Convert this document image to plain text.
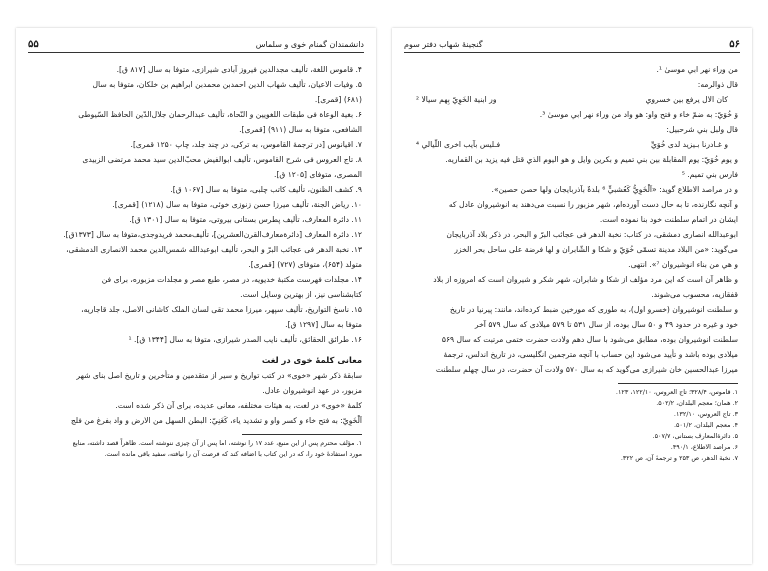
دانشمندان گمنام خوی و سلماس
۵۵

۴. قاموس اللغة، تألیف مجدالدین فیروز آبادی شیرازی، متوفا به سال [۸۱۷ ق].

۵. وفیات الاعیان، تألیف شهاب الدین احمدبن محمدبن ابراهیم بن خلکان، متوفا به سال

(۶۸۱) [قمری].

۶. بغیة الوعاة فی طبقات اللغویین و النّحاة، تألیف عبدالرحمان جلال‌الدّین الحافظ السّیوطی

الشافعی، متوفا به سال (۹۱۱) [قمری].

۷. اقیانوس [در ترجمهٔ القاموس، به ترکی، در چند جلد، چاپ ۱۲۵۰ قمری].

۸. تاج العروس فی شرح القاموس، تألیف ابوالفیض محبّ‌الدین سید محمد مرتضی الزبیدی

المصری، متوفای [۱۲۰۵ ق].

۹. کشف الظنون، تألیف کاتب چلبی، متوفا به سال [۱۰۶۷ ق].

۱۰. ریاض الجنة، تألیف میرزا حسن زنوزی خوئی، متوفا به سال (۱۲۱۸) [قمری].

۱۱. دائرة المعارف، تألیف پطرس بستانی بیروتی، متوفا به سال [۱۳۰۱ ق].

۱۲. دائرة المعارف [دائرة‌معارف‌القرن‌العشرین]، تألیف‌محمد فریدوجدی،متوفا به سال [۱۳۷۳ق].

۱۳. نخبة الدهر فی عجائب البرّ و البحر، تألیف ابوعبدالله شمس‌الدین محمد الانصاری الدمشقی،

متولد (۶۵۴)، متوفای (۷۲۷) [قمری].

۱۴. مجلدات فهرست مکتبهٔ خدیویه، در مصر، طبع مصر و مجلدات مزبوره، برای فن

کتابشناسی نیز، از بهترین وسایل است.

۱۵. ناسخ التواریخ، تألیف سپهر، میرزا محمد تقی لسان الملک کاشانی الاصل، جلد قاجاریه،

متوفا به سال [۱۲۹۷ ق].

۱۶. طرائق الحقائق، تألیف نایب الصدر شیرازی، متوفا به سال [۱۳۴۴ ق]. ¹

معانی کلمهٔ خوی در لغت

سابقهٔ ذکر شهر «خوی» در کتب تواریخ و سیر از متقدمین و متأخرین و تاریخ اصل بنای شهر

مزبور، در عهد انوشیروان عادل.

کلمهٔ «خوی» در لغت، به هیئات مختلفه، معانی عدیده، برای آن ذکر شده است.

اَلْخَوِيّ: به فتح خاء و کسر واو و تشدید یاء، کَغَنِيّ: البطن السهل من الارض و واد بفرغ من فلج

۱. مؤلف محترم پس از این منبع، عدد ۱۷ را نوشته، اما پس از آن چیزی ننوشته است. ظاهراً قصد داشته، منابع

مورد استفادهٔ خود را، که در این کتاب با اضافه کند که فرصت آن را نیافته، سفید باقی مانده است.

۵۶
گنجینهٔ شهاب دفتر سوم

من وراء نهر ابي موسىٰ ¹.

قال ذوالرمه:

کان الال يرفع بين خسروي
ور ابنية الخَوِيّ بِهم سيالا ²

وَ خُوَيّ: به ضمّ خاء و فتح واو: هو واد من وراء نهر ابي موسىٰ ³.

قال ولبل بني شرحبيل:

و غـادرنا بـيزيد لدى خُوَيِّ
فـليس بآيب اخرى اللّيالي ⁴

و يوم خُوَيّ: يوم المقابلة بين بني تميم و بكرين وايل و هو اليوم الذي قتل فيه يزيد بن القماريه.

فارس بني تميم. ⁵

و در مراصد الاطلاع گوید: «اَلْخَوِيُّ كَعُشبيٍّ ⁶ بلدةٌ بآذربايجان ولها حصن حصين».

و آنچه نگارنده، تا به حال دست آورده‌ام، شهر مزبور را نسبت می‌دهند به انوشیروان عادل که

ایشان در اتمام سلطنت خود بنا نموده است.

ابوعبدالله انصاری دمشقی، در کتاب: نخبة الدهر فی عجائب البرّ و البحر، در ذکر بلاد آذربایجان

می‌گوید: «من البلاد مدینة تسمّی خُوَيّ و شکا و الشّابران و لها فرضة علی ساحل بحر الخزر

و هي من بناء انوشیروان ⁷». انتهی.

و ظاهر آن است که این مرد مؤلف از شکا و شابران، شهر شکر و شیروان است که امروزه از بلاد

قفقازیه، محسوب می‌شوند.

و سلطنت انوشیروان (خسرو اول)، به طوری که مورخین ضبط کرده‌اند، مانند: پیرنیا در تاریخ

خود و غیره در حدود ۴۹ و ۵۰ سال بوده، از سال ۵۳۱ تا ۵۷۹ میلادی که سال ۵۷۹ آخر

سلطنت انوشیروان بوده، مطابق می‌شود با سال دهم ولادت حضرت ختمی مرتبت که سال ۵۶۹

میلادی بوده باشد و تأیید می‌شود این حساب با آنچه مترجمین انگلیسی، در تاریخ اندلس، ترجمهٔ

میرزا عبدالحسین خان شیرازی می‌گوید که به سال ۵۷۰ ولادت آن حضرت، در سال چهلم سلطنت

۱. قاموس، ۳۲۸/۴؛ تاج العروس، ۱۲۲/۱۰، ۱۲۳.

۲. همان؛ معجم البلدان، ۵۰۲/۲.

۳. تاج العروس، ۱۳۲/۱۰.

۴. معجم البلدان، ۵۰۱/۲.

۵. دائرة‌المعارف بستانی، ۵۰۷/۷.

۶. مراصد الاطلاع، ۴۹۰/۱.

۷. نخبة الدهر، ص ۲۵۳ و ترجمهٔ آن، ص ۳۲۲.
